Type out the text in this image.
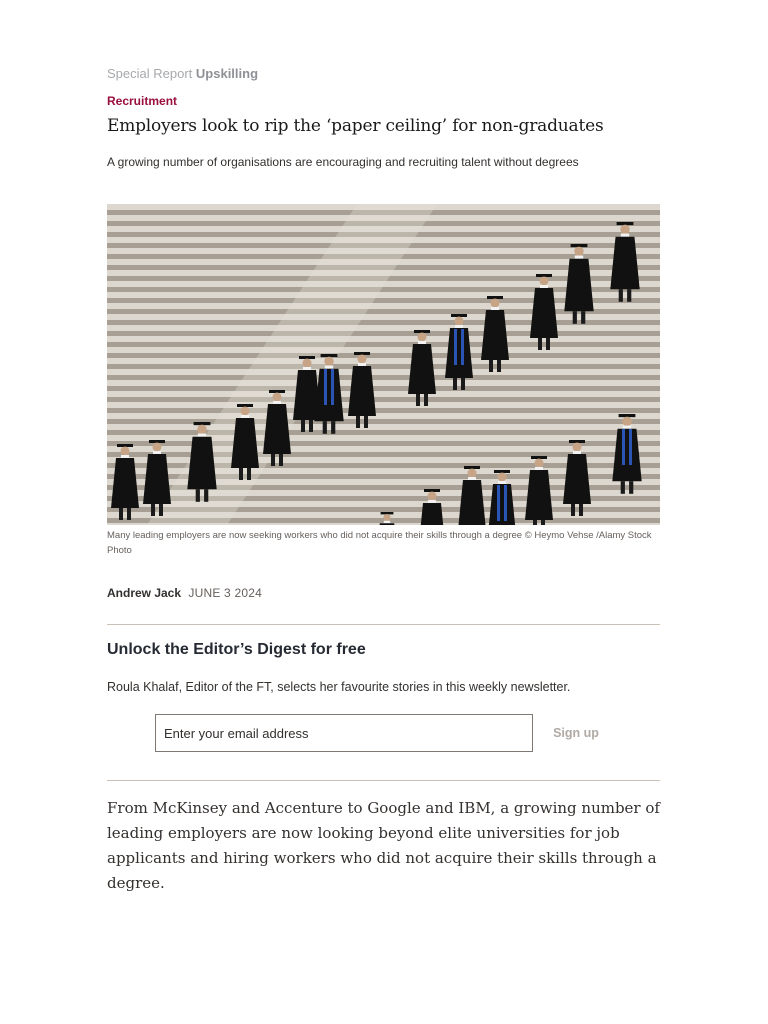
Special Report Upskilling
Recruitment
Employers look to rip the ‘paper ceiling’ for non-graduates
A growing number of organisations are encouraging and recruiting talent without degrees
Many leading employers are now seeking workers who did not acquire their skills through a degree © Heymo Vehse /Alamy Stock Photo
Andrew Jack JUNE 3 2024
Unlock the Editor’s Digest for free
Roula Khalaf, Editor of the FT, selects her favourite stories in this weekly newsletter.
Enter your email address
Sign up

From McKinsey and Accenture to Google and IBM, a growing number of leading employers are now looking beyond elite universities for job applicants and hiring workers who did not acquire their skills through a degree.
